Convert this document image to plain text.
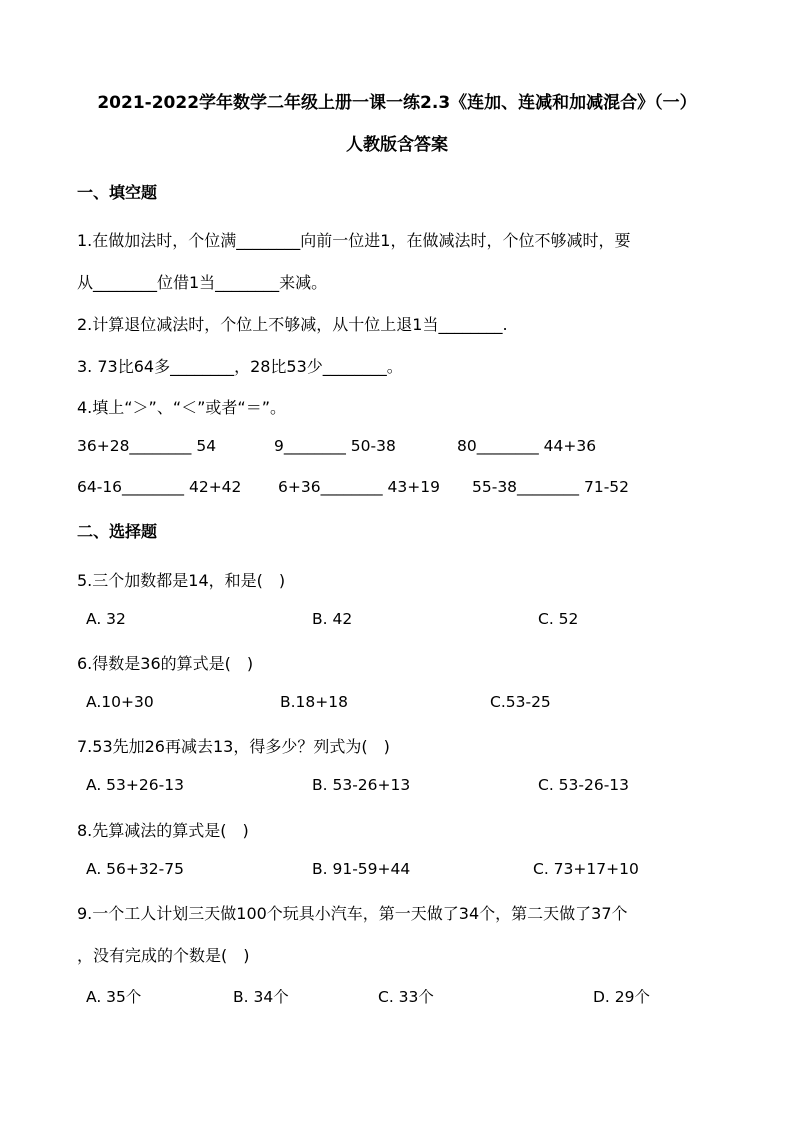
2021-2022学年数学二年级上册一课一练2.3《连加、连减和加减混合》（一）
人教版含答案
一、填空题
1.在做加法时，个位满________向前一位进1，在做减法时，个位不够减时，要
从________位借1当________来减。
2.计算退位减法时，个位上不够减，从十位上退1当________.
3. 73比64多________，28比53少________。
4.填上“＞”、“＜”或者“＝”。
36+28________ 54	9________ 50-38	80________ 44+36
64-16________ 42+42 6+36________ 43+19 55-38________ 71-52
二、选择题
5.三个加数都是14，和是(　)
A. 32	B. 42	C. 52
6.得数是36的算式是(　)
A.10+30	B.18+18	C.53-25
7.53先加26再减去13，得多少？列式为(　)
A. 53+26-13	B. 53-26+13	C. 53-26-13
8.先算减法的算式是(　)
A. 56+32-75	B. 91-59+44	C. 73+17+10
9.一个工人计划三天做100个玩具小汽车，第一天做了34个，第二天做了37个
，没有完成的个数是(　)
A. 35个	B. 34个	C. 33个	D. 29个
